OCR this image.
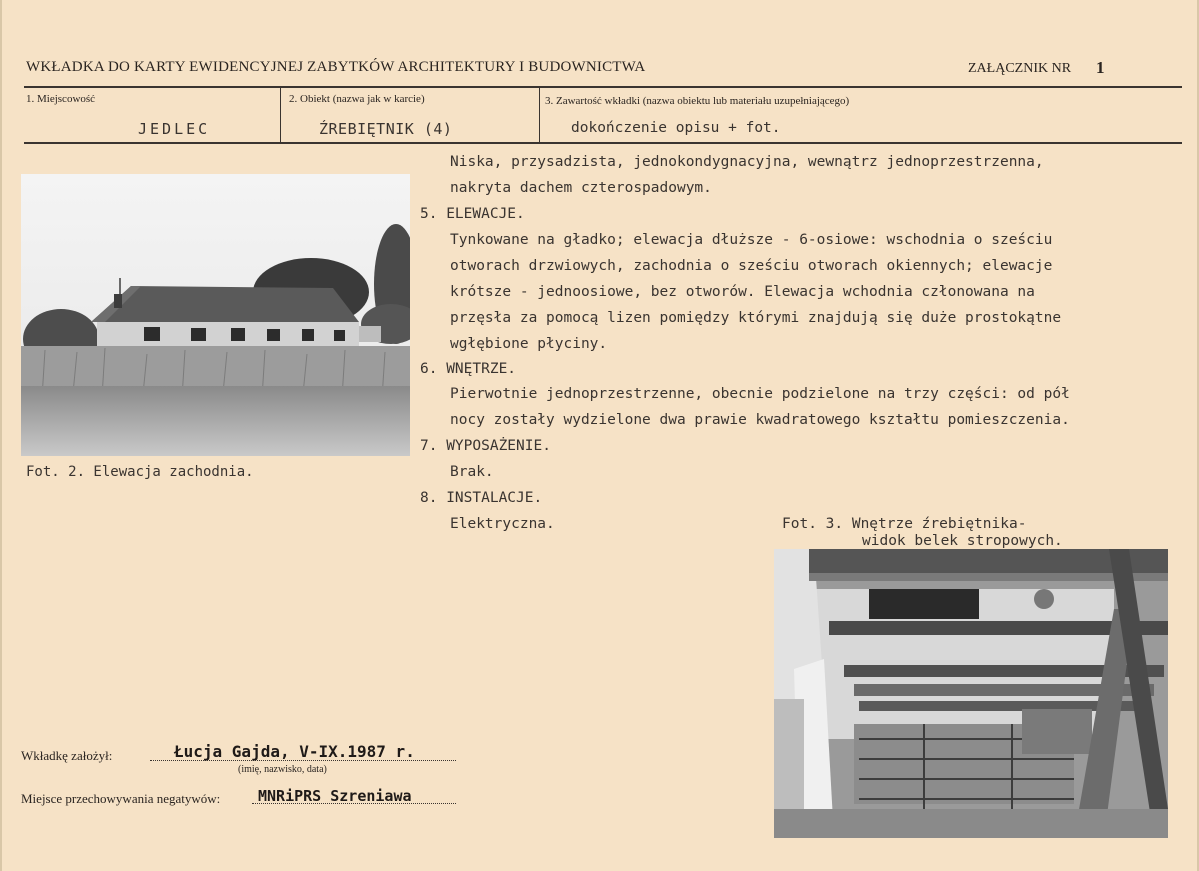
WKŁADKA DO KARTY EWIDENCYJNEJ ZABYTKÓW ARCHITEKTURY I BUDOWNICTWA	ZAŁĄCZNIK NR 1
1. Miejscowość	2. Obiekt (nazwa jak w karcie)	3. Zawartość wkładki (nazwa obiektu lub materiału uzupełniającego)
JEDLEC	ŹREBIĘTNIK (4)	dokończenie opisu + fot.
Fot. 2. Elewacja zachodnia.
Niska, przysadzista, jednokondygnacyjna, wewnątrz jednoprzestrzenna,
nakryta dachem czterospadowym.
5. ELEWACJE.
Tynkowane na gładko; elewacja dłuższe - 6-osiowe: wschodnia o sześciu
otworach drzwiowych, zachodnia o sześciu otworach okiennych; elewacje
krótsze - jednoosiowe, bez otworów. Elewacja wchodnia członowana na
przęsła za pomocą lizen pomiędzy którymi znajdują się duże prostokątne
wgłębione płyciny.
6. WNĘTRZE.
Pierwotnie jednoprzestrzenne, obecnie podzielone na trzy części: od pół
nocy zostały wydzielone dwa prawie kwadratowego kształtu pomieszczenia.
7. WYPOSAŻENIE.
Brak.
8. INSTALACJE.
Elektryczna.	Fot. 3. Wnętrze źrebiętnika-
widok belek stropowych.
Wkładkę założył:	Łucja Gajda, V-IX.1987 r.
(imię, nazwisko, data)
Miejsce przechowywania negatywów:	MNRiPRS Szreniawa
